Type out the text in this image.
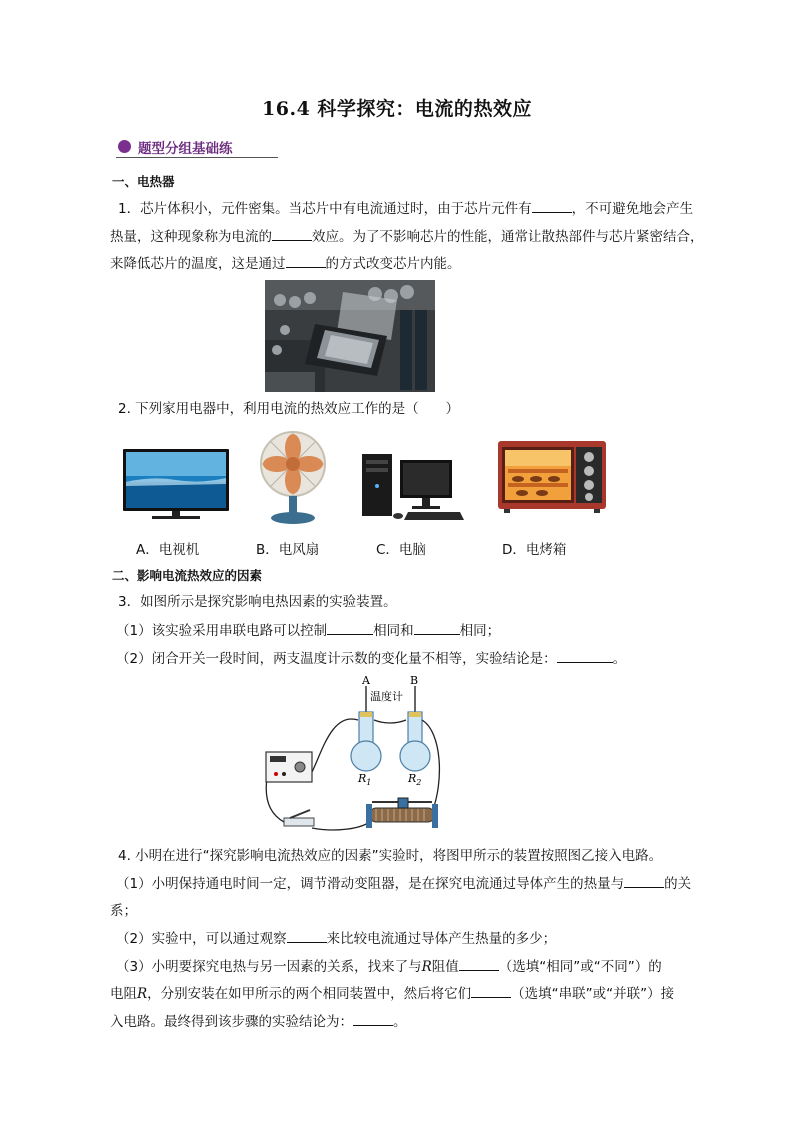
16.4 科学探究：电流的热效应
题型分组基础练
一、电热器
1．芯片体积小，元件密集。当芯片中有电流通过时，由于芯片元件有	，不可避免地会产生
热量，这种现象称为电流的	效应。为了不影响芯片的性能，通常让散热部件与芯片紧密结合，
来降低芯片的温度，这是通过	的方式改变芯片内能。
2. 下列家用电器中，利用电流的热效应工作的是（　　）
A．电视机	B．电风扇	C．电脑	D．电烤箱
二、影响电流热效应的因素
3．如图所示是探究影响电热因素的实验装置。
（1）该实验采用串联电路可以控制	相同和	相同；
（2）闭合开关一段时间，两支温度计示数的变化量不相等，实验结论是：	。
A	B
温度计
$R_1$	$R_2$
4. 小明在进行“探究影响电流热效应的因素”实验时，将图甲所示的装置按照图乙接入电路。
（1）小明保持通电时间一定，调节滑动变阻器，是在探究电流通过导体产生的热量与	的关
系；
（2）实验中，可以通过观察	来比较电流通过导体产生热量的多少；
（3）小明要探究电热与另一因素的关系，找来了与R阻值	（选填“相同”或“不同”）的
电阻R，分别安装在如甲所示的两个相同装置中，然后将它们	（选填“串联”或“并联”）接
入电路。最终得到该步骤的实验结论为：	。
